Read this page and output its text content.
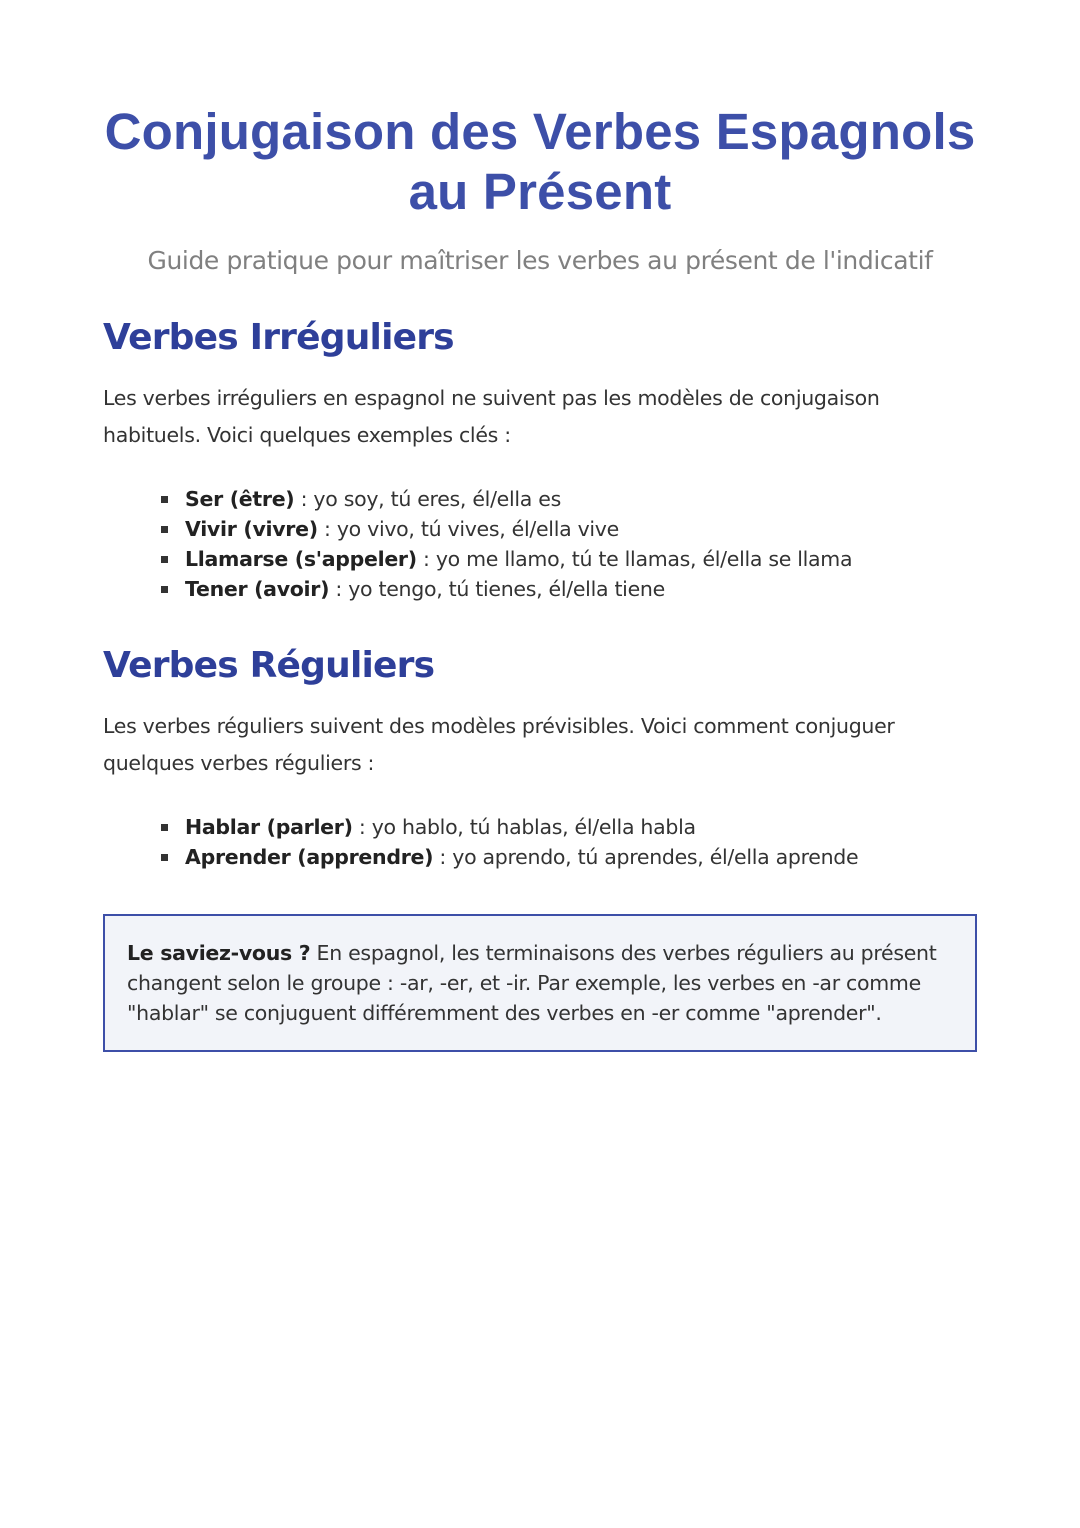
Conjugaison des Verbes Espagnols
au Présent

Guide pratique pour maîtriser les verbes au présent de l'indicatif

Verbes Irréguliers

Les verbes irréguliers en espagnol ne suivent pas les modèles de conjugaison habituels. Voici quelques exemples clés :

Ser (être) : yo soy, tú eres, él/ella es
Vivir (vivre) : yo vivo, tú vives, él/ella vive
Llamarse (s'appeler) : yo me llamo, tú te llamas, él/ella se llama
Tener (avoir) : yo tengo, tú tienes, él/ella tiene
Verbes Réguliers

Les verbes réguliers suivent des modèles prévisibles. Voici comment conjuguer quelques verbes réguliers :

Hablar (parler) : yo hablo, tú hablas, él/ella habla
Aprender (apprendre) : yo aprendo, tú aprendes, él/ella aprende
Le saviez-vous ? En espagnol, les terminaisons des verbes réguliers au présent changent selon le groupe : -ar, -er, et -ir. Par exemple, les verbes en -ar comme "hablar" se conjuguent différemment des verbes en -er comme "aprender".
